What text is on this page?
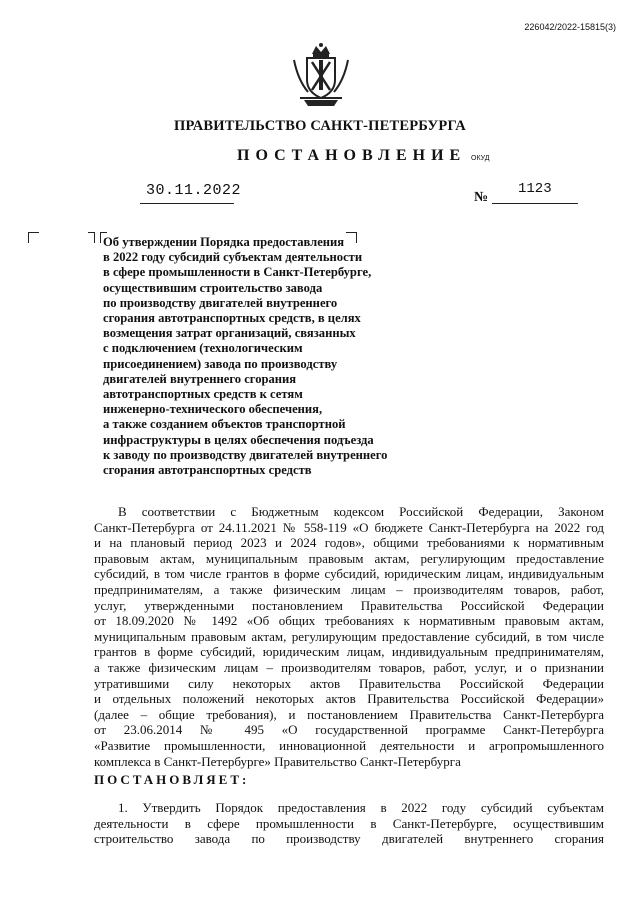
226042/2022-15815(3)
ПРАВИТЕЛЬСТВО САНКТ-ПЕТЕРБУРГА
ПОСТАНОВЛЕНИЕ ОКУД
30.11.2022	№
1123
Об утверждении Порядка предоставления
в 2022 году субсидий субъектам деятельности
в сфере промышленности в Санкт-Петербурге,
осуществившим строительство завода
по производству двигателей внутреннего
сгорания автотранспортных средств, в целях
возмещения затрат организаций, связанных
с подключением (технологическим
присоединением) завода по производству
двигателей внутреннего сгорания
автотранспортных средств к сетям
инженерно-технического обеспечения,
а также созданием объектов транспортной
инфраструктуры в целях обеспечения подъезда
к заводу по производству двигателей внутреннего
сгорания автотранспортных средств
В соответствии с Бюджетным кодексом Российской Федерации, Законом
Санкт-Петербурга от 24.11.2021 № 558-119 «О бюджете Санкт-Петербурга на 2022 год
и на плановый период 2023 и 2024 годов», общими требованиями к нормативным
правовым актам, муниципальным правовым актам, регулирующим предоставление
субсидий, в том числе грантов в форме субсидий, юридическим лицам, индивидуальным
предпринимателям, а также физическим лицам – производителям товаров, работ,
услуг, утвержденными постановлением Правительства Российской Федерации
от 18.09.2020 № 1492 «Об общих требованиях к нормативным правовым актам,
муниципальным правовым актам, регулирующим предоставление субсидий, в том числе
грантов в форме субсидий, юридическим лицам, индивидуальным предпринимателям,
а также физическим лицам – производителям товаров, работ, услуг, и о признании
утратившими силу некоторых актов Правительства Российской Федерации
и отдельных положений некоторых актов Правительства Российской Федерации»
(далее – общие требования), и постановлением Правительства Санкт-Петербурга
от 23.06.2014 № 495 «О государственной программе Санкт-Петербурга
«Развитие промышленности, инновационной деятельности и агропромышленного
комплекса в Санкт-Петербурге» Правительство Санкт-Петербурга
ПОСТАНОВЛЯЕТ:
1. Утвердить Порядок предоставления в 2022 году субсидий субъектам
деятельности в сфере промышленности в Санкт-Петербурге, осуществившим
строительство завода по производству двигателей внутреннего сгорания
